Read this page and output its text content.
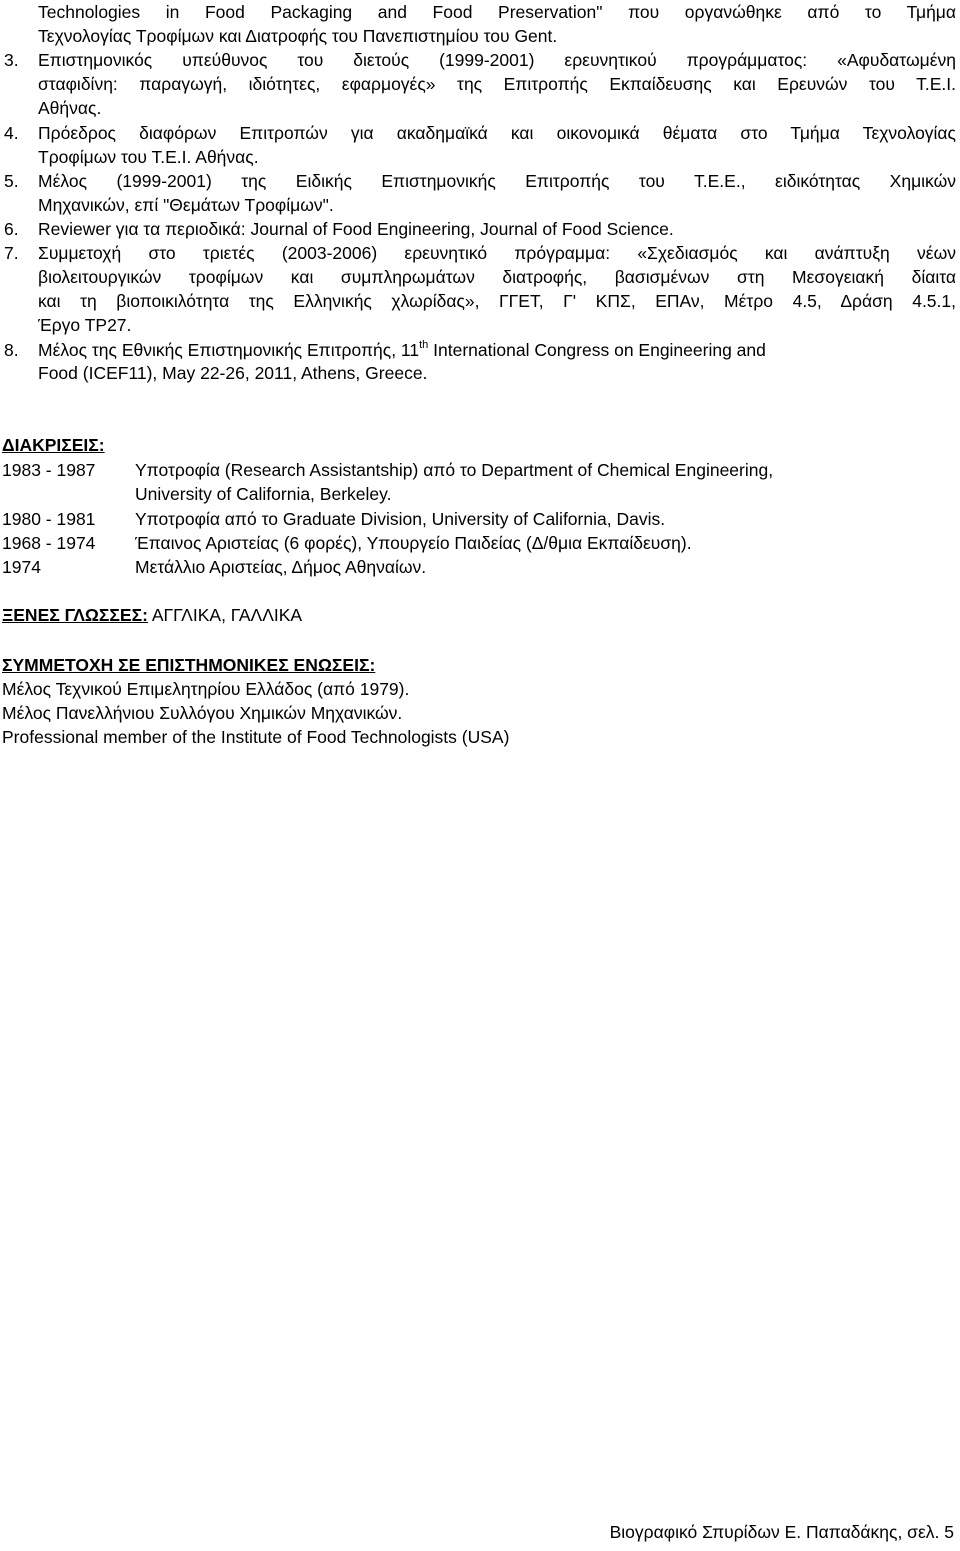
Technologies in Food Packaging and Food Preservation" που οργανώθηκε από το Τμήμα
Τεχνολογίας Τροφίμων και Διατροφής του Πανεπιστημίου του Gent.
3. Επιστημονικός υπεύθυνος του διετούς (1999-2001) ερευνητικού προγράμματος: «Αφυδατωμένη
σταφιδίνη: παραγωγή, ιδιότητες, εφαρμογές» της Επιτροπής Εκπαίδευσης και Ερευνών του Τ.Ε.Ι.
Αθήνας.
4. Πρόεδρος διαφόρων Επιτροπών για ακαδημαϊκά και οικονομικά θέματα στο Τμήμα Τεχνολογίας
Τροφίμων του Τ.Ε.Ι. Αθήνας.
5. Μέλος (1999-2001) της Ειδικής Επιστημονικής Επιτροπής του Τ.Ε.Ε., ειδικότητας Χημικών
Μηχανικών, επί "Θεμάτων Τροφίμων".
6. Reviewer για τα περιοδικά: Journal of Food Engineering, Journal of Food Science.
7. Συμμετοχή στο τριετές (2003-2006) ερευνητικό πρόγραμμα: «Σχεδιασμός και ανάπτυξη νέων
βιολειτουργικών τροφίμων και συμπληρωμάτων διατροφής, βασισμένων στη Μεσογειακή δίαιτα
και τη βιοποικιλότητα της Ελληνικής χλωρίδας», ΓΓΕΤ, Γ' ΚΠΣ, ΕΠΑν, Μέτρο 4.5, Δράση 4.5.1,
Έργο ΤΡ27.
8. Μέλος της Εθνικής Επιστημονικής Επιτροπής, 11th International Congress on Engineering and
Food (ICEF11), May 22-26, 2011, Athens, Greece.
ΔΙΑΚΡΙΣΕΙΣ:
1983 - 1987 Υποτροφία (Research Assistantship) από το Department of Chemical Engineering,
University of California, Berkeley.
1980 - 1981 Υποτροφία από το Graduate Division, University of California, Davis.
1968 - 1974 Έπαινος Αριστείας (6 φορές), Υπουργείο Παιδείας (Δ/θμια Εκπαίδευση).
1974	Μετάλλιο Αριστείας, Δήμος Αθηναίων.
ΞΕΝΕΣ ΓΛΩΣΣΕΣ: ΑΓΓΛΙΚΑ, ΓΑΛΛΙΚΑ
ΣΥΜΜΕΤΟΧΗ ΣΕ ΕΠΙΣΤΗΜΟΝΙΚΕΣ ΕΝΩΣΕΙΣ:
Μέλος Τεχνικού Επιμελητηρίου Ελλάδος (από 1979).
Μέλος Πανελλήνιου Συλλόγου Χημικών Μηχανικών.
Professional member of the Institute of Food Technologists (USA)
Βιογραφικό Σπυρίδων Ε. Παπαδάκης, σελ. 5
